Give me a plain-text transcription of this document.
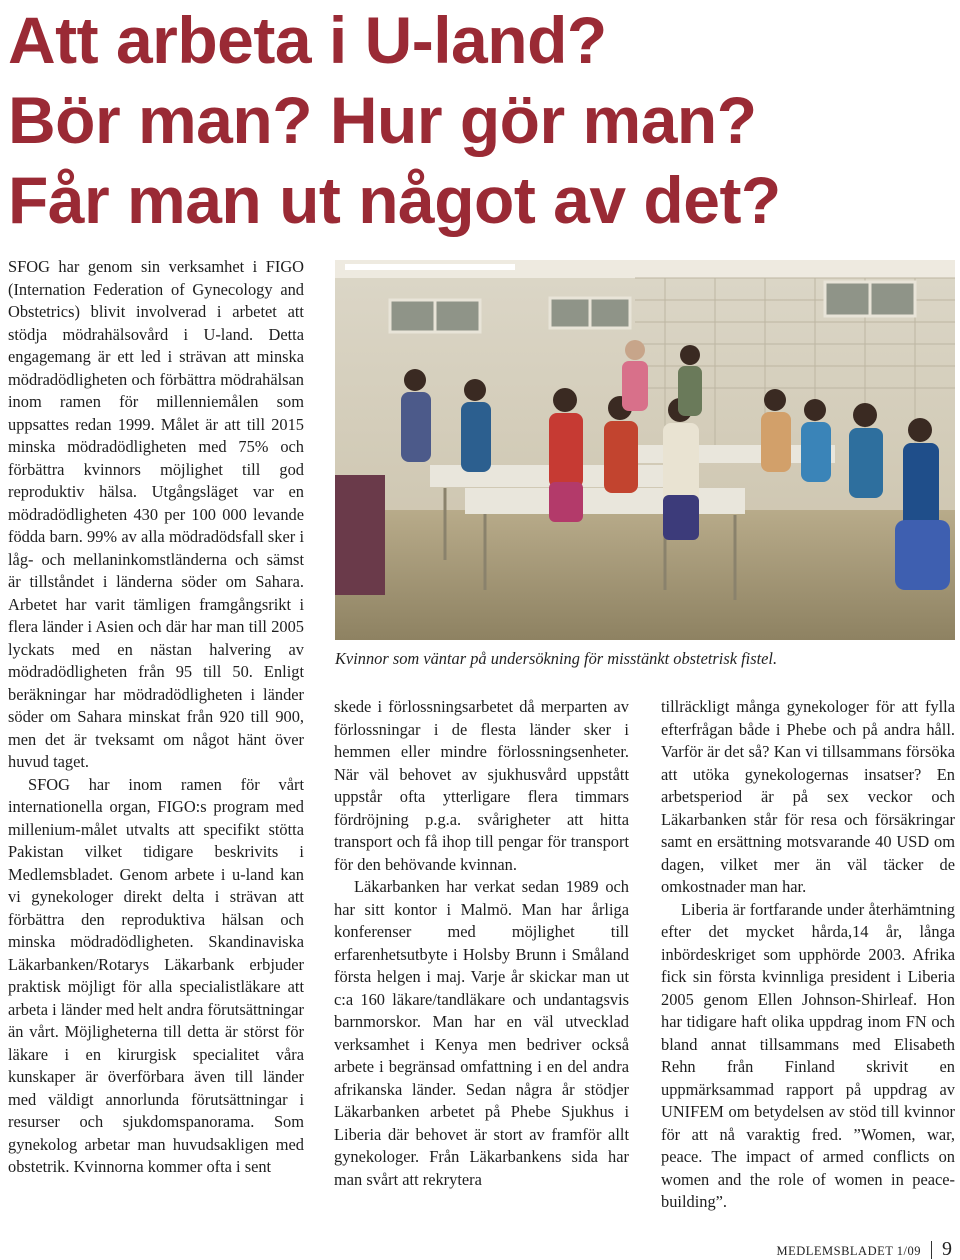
Att arbeta i U-land?
Bör man? Hur gör man?
Får man ut något av det?

SFOG har genom sin verksamhet i FIGO (Internation Federation of Gynecology and Obstetrics) blivit involverad i arbetet att stödja mödrahälsovård i U-land. Detta engagemang är ett led i strävan att minska mödradödligheten och förbättra mödrahälsan inom ramen för millenniemålen som uppsattes redan 1999. Målet är att till 2015 minska mödradödligheten med 75% och förbättra kvinnors möjlighet till god reproduktiv hälsa. Utgångsläget var en mödradödligheten 430 per 100 000 levande födda barn. 99% av alla mödradödsfall sker i låg- och mellaninkomstländerna och sämst är tillståndet i länderna söder om Sahara. Arbetet har varit tämligen framgångsrikt i flera länder i Asien och där har man till 2005 lyckats med en nästan halvering av mödradödligheten från 95 till 50. Enligt beräkningar har mödradödligheten i länder söder om Sahara minskat från 920 till 900, men det är tveksamt om något hänt över huvud taget.

SFOG har inom ramen för vårt internationella organ, FIGO:s program med millenium-målet utvalts att specifikt stötta Pakistan vilket tidigare beskrivits i Medlemsbladet. Genom arbete i u-land kan vi gynekologer direkt delta i strävan att förbättra den reproduktiva hälsan och minska mödradödligheten. Skandinaviska Läkarbanken/Rotarys Läkarbank erbjuder praktisk möjligt för alla specialistläkare att arbeta i länder med helt andra förutsättningar än vårt. Möjligheterna till detta är störst för läkare i en kirurgisk specialitet våra kunskaper är överförbara även till länder med väldigt annorlunda förutsättningar i resurser och sjukdomspanorama. Som gynekolog arbetar man huvudsakligen med obstetrik. Kvinnorna kommer ofta i sent

Kvinnor som väntar på undersökning för misstänkt obstetrisk fistel.

skede i förlossningsarbetet då merparten av förlossningar i de flesta länder sker i hemmen eller mindre förlossningsenheter. När väl behovet av sjukhusvård uppstått uppstår ofta ytterligare flera timmars fördröjning p.g.a. svårigheter att hitta transport och få ihop till pengar för transport för den behövande kvinnan.

Läkarbanken har verkat sedan 1989 och har sitt kontor i Malmö. Man har årliga konferenser med möjlighet till erfarenhetsutbyte i Holsby Brunn i Småland första helgen i maj. Varje år skickar man ut c:a 160 läkare/tandläkare och undantagsvis barnmorskor. Man har en väl utvecklad verksamhet i Kenya men bedriver också arbete i begränsad omfattning i en del andra afrikanska länder. Sedan några år stödjer Läkarbanken arbetet på Phebe Sjukhus i Liberia där behovet är stort av framför allt gynekologer. Från Läkarbankens sida har man svårt att rekrytera

tillräckligt många gynekologer för att fylla efterfrågan både i Phebe och på andra håll. Varför är det så? Kan vi tillsammans försöka att utöka gynekologernas insatser? En arbetsperiod är på sex veckor och Läkarbanken står för resa och försäkringar samt en ersättning motsvarande 40 USD om dagen, vilket mer än väl täcker de omkostnader man har.

Liberia är fortfarande under återhämtning efter det mycket hårda,14 år, långa inbördeskriget som upphörde 2003. Afrika fick sin första kvinnliga president i Liberia 2005 genom Ellen Johnson-Shirleaf. Hon har tidigare haft olika uppdrag inom FN och bland annat tillsammans med Elisabeth Rehn från Finland skrivit en uppmärksammad rapport på uppdrag av UNIFEM om betydelsen av stöd till kvinnor för att nå varaktig fred. ”Women, war, peace. The impact of armed conflicts on women and the role of women in peace-building”.

MEDLEMSBLADET 1/09 9
